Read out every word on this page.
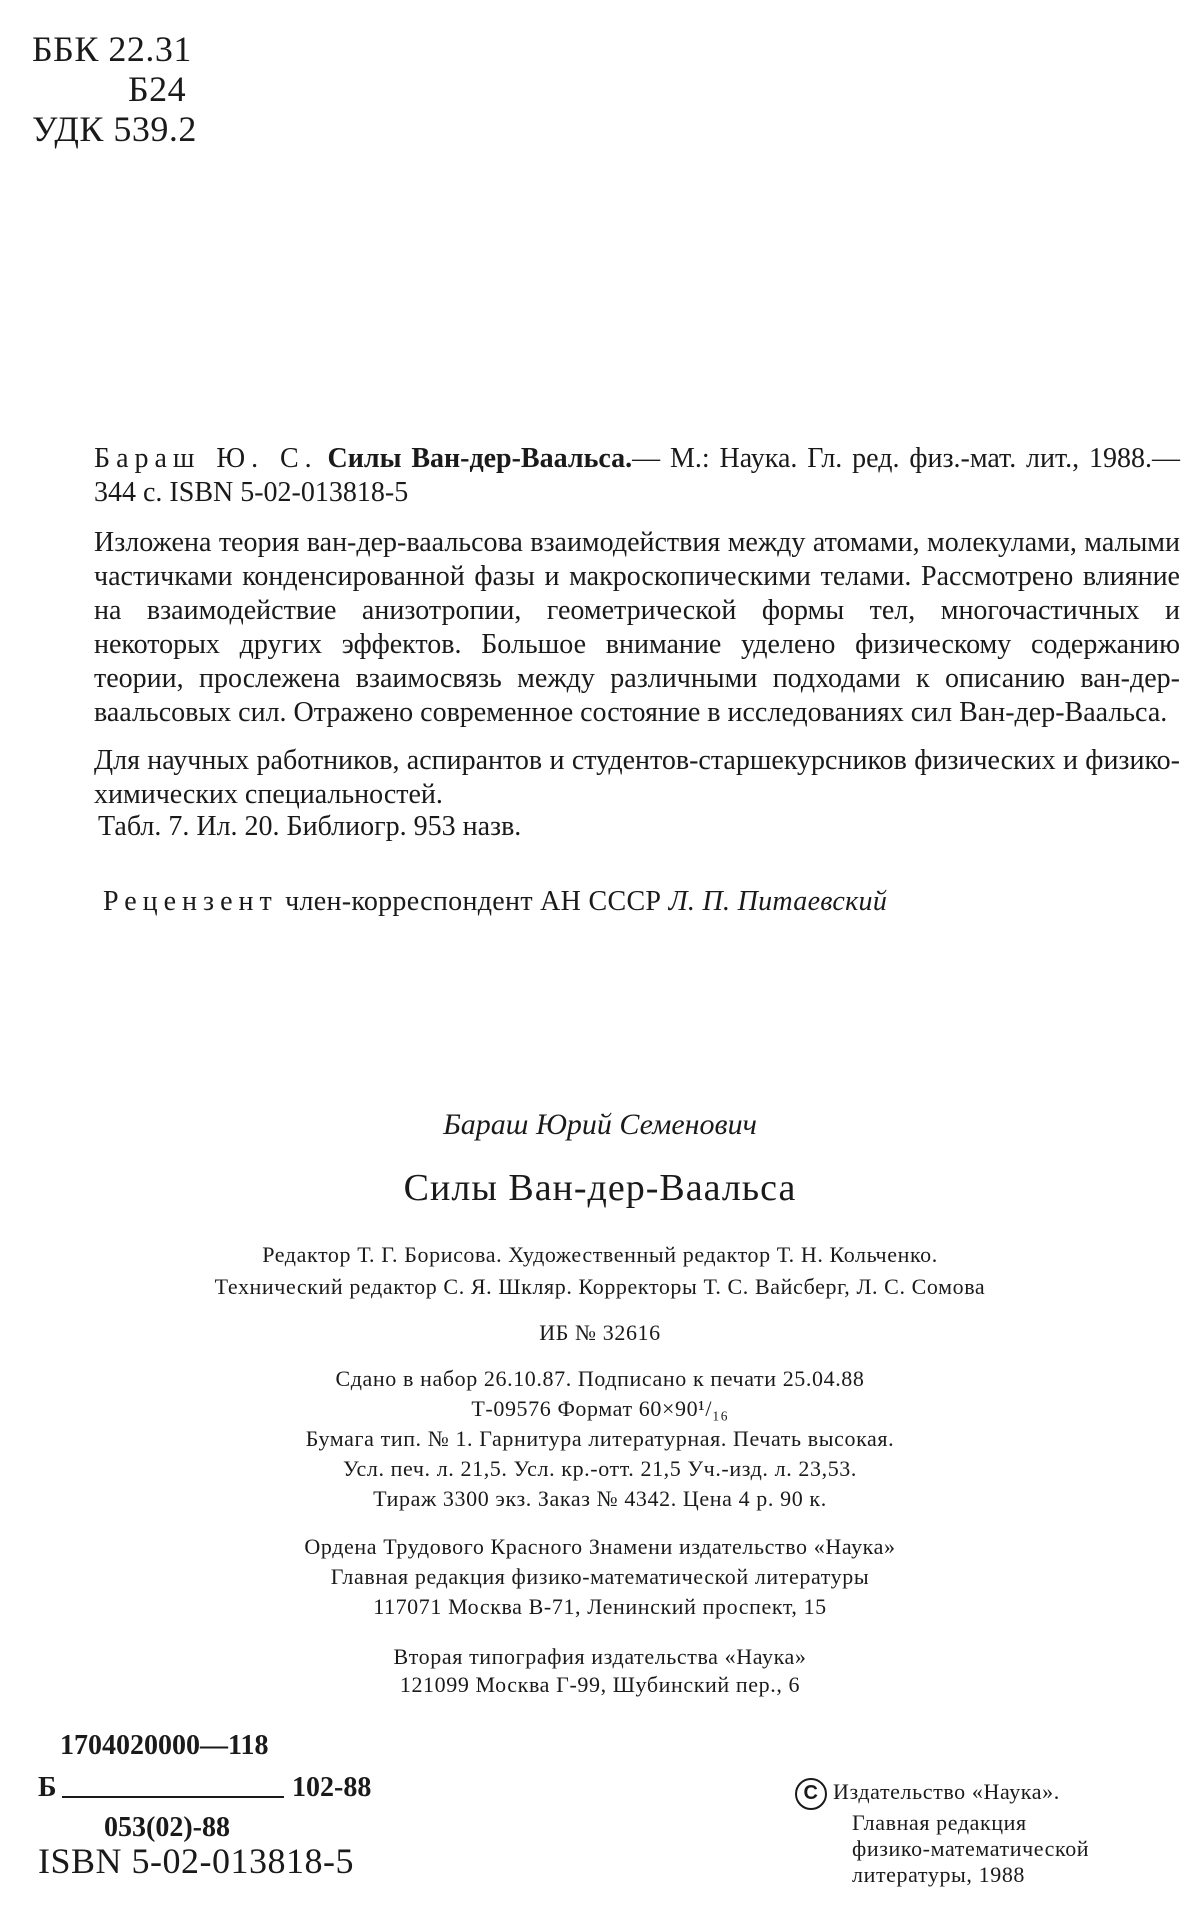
ББК 22.31
Б24
УДК 539.2
Бараш Ю. С. Силы Ван-дер-Ваальса.— М.: Наука. Гл. ред. физ.-мат. лит., 1988.— 344 с. ISBN 5-02-013818-5
Изложена теория ван-дер-ваальсова взаимодействия между атомами, молекулами, малыми частичками конденсированной фазы и макроскопическими телами. Рассмотрено влияние на взаимодействие анизотропии, геометрической формы тел, многочастичных и некоторых других эффектов. Большое внимание уделено физическому содержанию теории, прослежена взаимосвязь между различными подходами к описанию ван-дер-ваальсовых сил. Отражено современное состояние в исследованиях сил Ван-дер-Ваальса.
Для научных работников, аспирантов и студентов-старшекурсников физических и физико-химических специальностей.
Табл. 7. Ил. 20. Библиогр. 953 назв.
Рецензент член-корреспондент АН СССР Л. П. Питаевский
Бараш Юрий Семенович
Силы Ван-дер-Ваальса
Редактор Т. Г. Борисова. Художественный редактор Т. Н. Кольченко.
Технический редактор С. Я. Шкляр. Корректоры Т. С. Вайсберг, Л. С. Сомова
ИБ № 32616
Сдано в набор 26.10.87. Подписано к печати 25.04.88
Т-09576 Формат 60×90¹/₁₆
Бумага тип. № 1. Гарнитура литературная. Печать высокая.
Усл. печ. л. 21,5. Усл. кр.-отт. 21,5 Уч.-изд. л. 23,53.
Тираж 3300 экз. Заказ № 4342. Цена 4 р. 90 к.
Ордена Трудового Красного Знамени издательство «Наука»
Главная редакция физико-математической литературы
117071 Москва В-71, Ленинский проспект, 15
Вторая типография издательства «Наука»
121099 Москва Г-99, Шубинский пер., 6
1704020000—118
Б	102-88
053(02)-88
ISBN 5-02-013818-5
C Издательство «Наука».
Главная редакция
физико-математической
литературы, 1988
